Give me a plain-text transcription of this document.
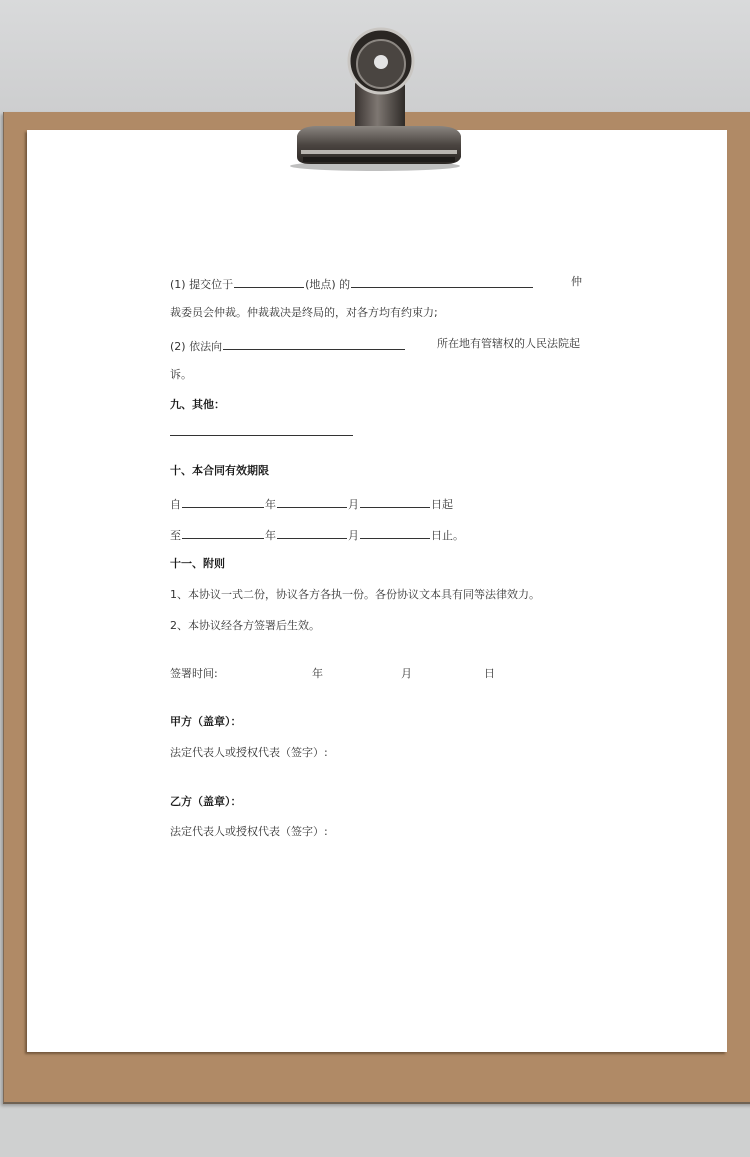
(1) 提交位于	(地点) 的	仲
裁委员会仲裁。仲裁裁决是终局的，对各方均有约束力;
(2) 依法向	所在地有管辖权的人民法院起
诉。
九、其他：
十、本合同有效期限
自	年	月	日起
至	年	月	日止。
十一、附则
1、本协议一式二份，协议各方各执一份。各份协议文本具有同等法律效力。
2、本协议经各方签署后生效。
签署时间:	年	月	日
甲方（盖章）：
法定代表人或授权代表（签字）:
乙方（盖章）：
法定代表人或授权代表（签字）:
